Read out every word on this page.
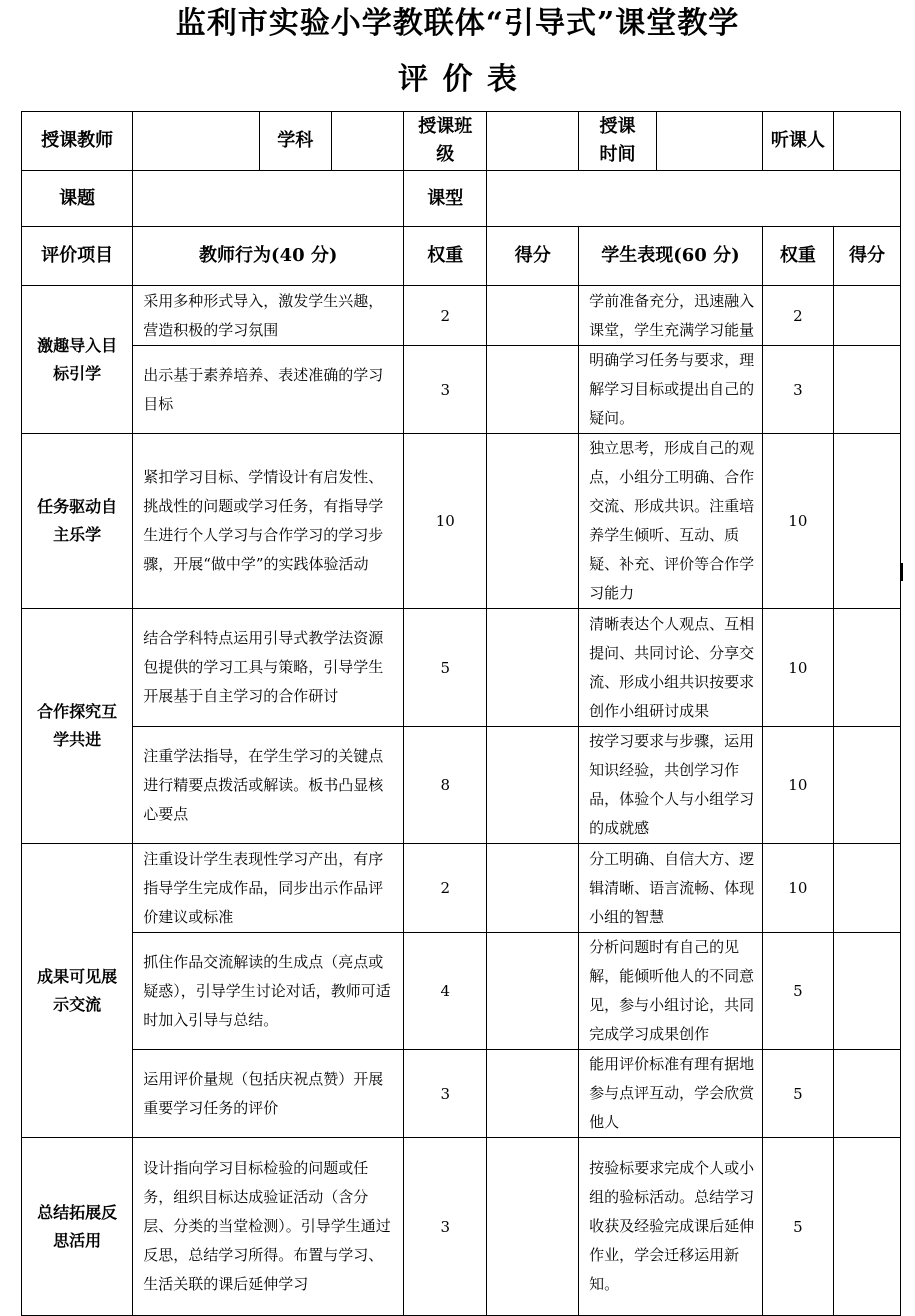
监利市实验小学教联体“引导式”课堂教学
评 价 表
授课教师		学科		授课班级		授课时间		听课人	
课题				课型					
评价项目	教师行为(40 分)			权重	得分	学生表现(60 分)		权重	得分
激趣导入目标引学	采用多种形式导入，激发学生兴趣，营造积极的学习氛围			2		学前准备充分，迅速融入课堂，学生充满学习能量		2	
	出示基于素养培养、表述准确的学习目标			3		明确学习任务与要求，理解学习目标或提出自己的疑问。		3	
任务驱动自主乐学	紧扣学习目标、学情设计有启发性、挑战性的问题或学习任务，有指导学生进行个人学习与合作学习的学习步骤，开展“做中学”的实践体验活动			10		独立思考，形成自己的观点，小组分工明确、合作交流、形成共识。注重培养学生倾听、互动、质疑、补充、评价等合作学习能力		10	
合作探究互学共进	结合学科特点运用引导式教学法资源包提供的学习工具与策略，引导学生开展基于自主学习的合作研讨			5		清晰表达个人观点、互相提问、共同讨论、分享交流、形成小组共识按要求创作小组研讨成果		10	
	注重学法指导，在学生学习的关键点进行精要点拨活或解读。板书凸显核心要点			8		按学习要求与步骤，运用知识经验，共创学习作品，体验个人与小组学习的成就感		10	
成果可见展示交流	注重设计学生表现性学习产出，有序指导学生完成作品，同步出示作品评价建议或标准			2		分工明确、自信大方、逻辑清晰、语言流畅、体现小组的智慧		10	
	抓住作品交流解读的生成点（亮点或疑惑），引导学生讨论对话，教师可适时加入引导与总结。			4		分析问题时有自己的见解，能倾听他人的不同意见，参与小组讨论，共同完成学习成果创作		5	
	运用评价量规（包括庆祝点赞）开展重要学习任务的评价			3		能用评价标准有理有据地参与点评互动，学会欣赏他人		5	
总结拓展反思活用	设计指向学习目标检验的问题或任务，组织目标达成验证活动（含分层、分类的当堂检测）。引导学生通过反思，总结学习所得。布置与学习、生活关联的课后延伸学习			3		按验标要求完成个人或小组的验标活动。总结学习收获及经验完成课后延伸作业，学会迁移运用新知。		5	
